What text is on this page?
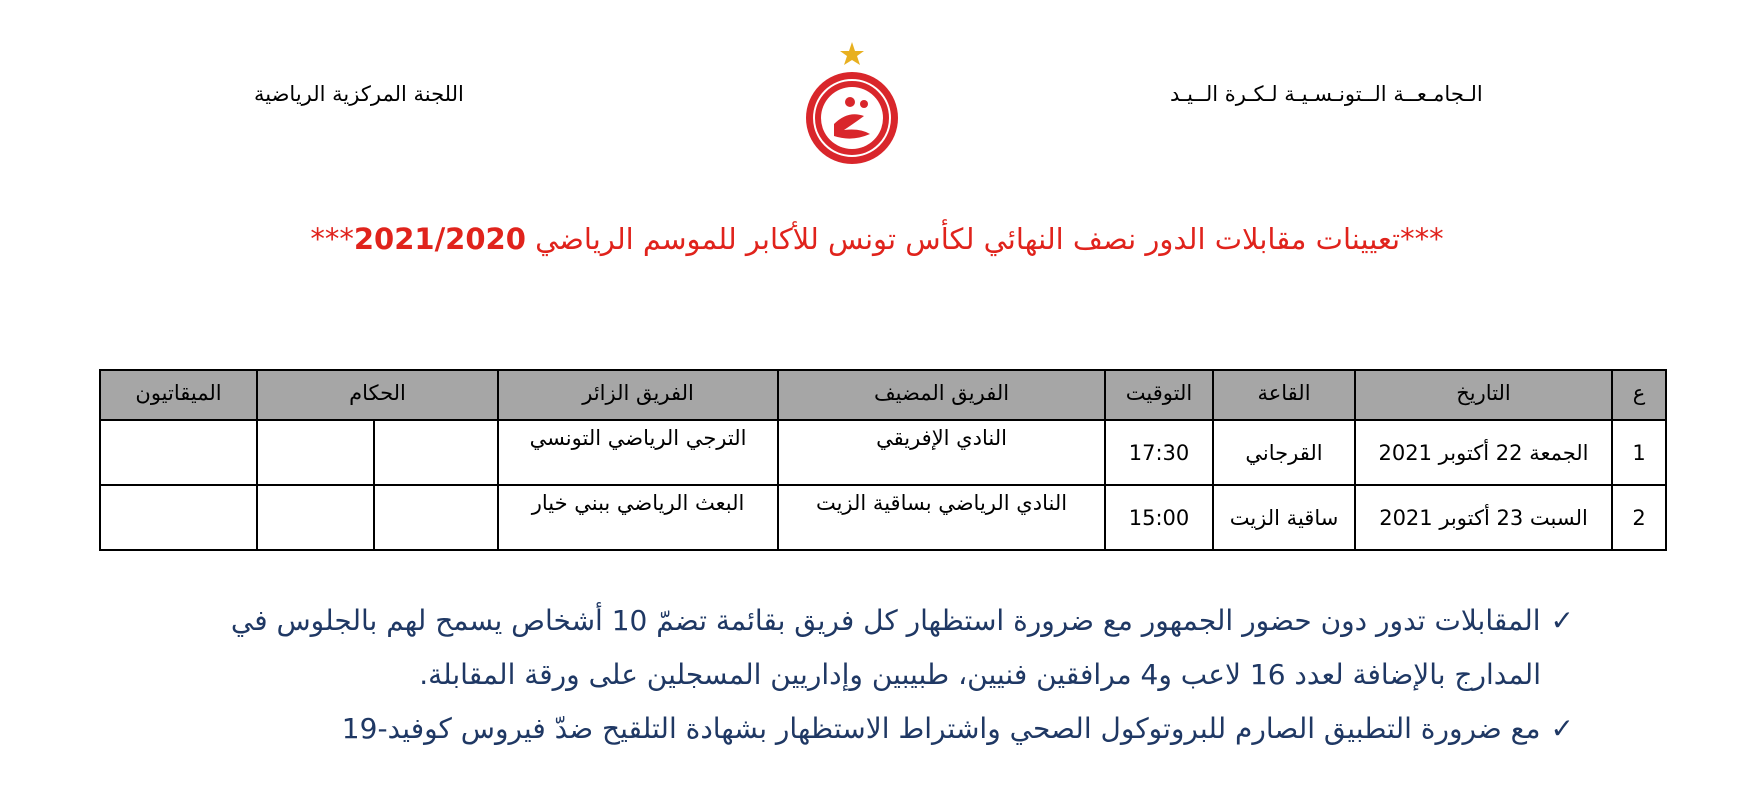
الـجامـعــة الــتونـسـيـة لـكـرة الــيـد
اللجنة المركزية الرياضية
***تعيينات مقابلات الدور نصف النهائي لكأس تونس للأكابر للموسم الرياضي 2021/2020***
ع	التاريخ	القاعة	التوقيت	الفريق المضيف	الفريق الزائر	الحكام		الميقاتيون
1	الجمعة 22 أكتوبر 2021	القرجاني	17:30	النادي الإفريقي	الترجي الرياضي التونسي			
2	السبت 23 أكتوبر 2021	ساقية الزيت	15:00	النادي الرياضي بساقية الزيت	البعث الرياضي ببني خيار			
✓المقابلات تدور دون حضور الجمهور مع ضرورة استظهار كل فريق بقائمة تضمّ 10 أشخاص يسمح لهم بالجلوس في
المدارج بالإضافة لعدد 16 لاعب و4 مرافقين فنيين، طبيبين وإداريين المسجلين على ورقة المقابلة.
✓مع ضرورة التطبيق الصارم للبروتوكول الصحي واشتراط الاستظهار بشهادة التلقيح ضدّ فيروس كوفيد-19
